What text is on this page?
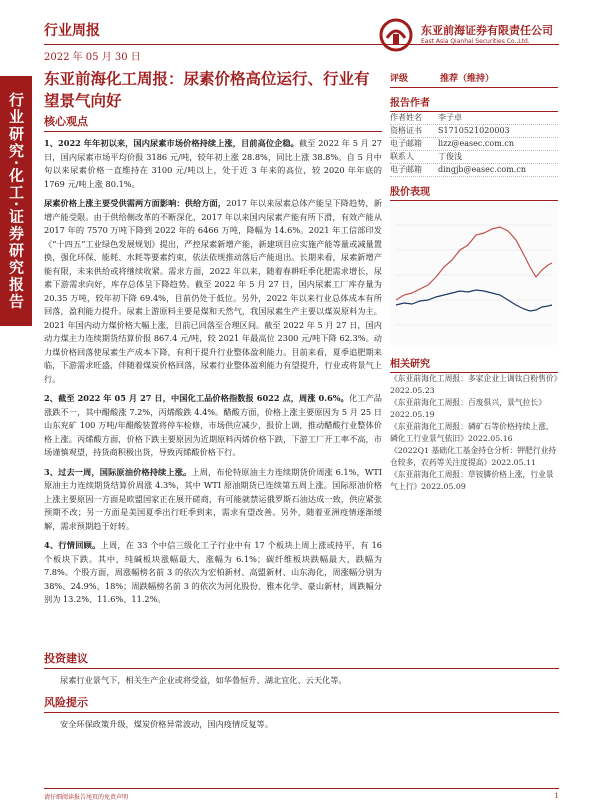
行业研究·化工·证券研究报告
行业周报
2022 年 05 月 30 日
东亚前海证券有限责任公司
East Asia Qianhai Securities Co.,Ltd.
东亚前海化工周报：尿素价格高位运行、行业有望景气向好
核心观点

1、2022 年年初以来，国内尿素市场价格持续上涨，目前高位企稳。截至 2022 年 5 月 27 日，国内尿素市场平均价报 3186 元/吨，较年初上涨 28.8%，同比上涨 38.8%。自 5 月中旬以来尿素价格一直维持在 3100 元/吨以上，处于近 3 年来的高位，较 2020 年年底的 1769 元/吨上涨 80.1%。

尿素价格上涨主要受供需两方面影响：供给方面，2017 年以来尿素总体产能呈下降趋势，新增产能受限。由于供给侧改革的不断深化，2017 年以来国内尿素产能有所下滑，有效产能从 2017 年的 7570 万吨下降到 2022 年的 6466 万吨，降幅为 14.6%。2021 年工信部印发《“十四五”工业绿色发展规划》提出，严控尿素新增产能，新建项目应实施产能等量或减量置换，强化环保、能耗、水耗等要素约束，依法依规推动落后产能退出。长期来看，尿素新增产能有限，未来供给或将继续收紧。需求方面，2022 年以来，随着春耕旺季化肥需求增长，尿素下游需求向好，库存总体呈下降趋势。截至 2022 年 5 月 27 日，国内尿素工厂库存量为 20.35 万吨，较年初下降 69.4%，目前仍处于低位。另外，2022 年以来行业总体成本有所回落，盈利能力提升。尿素上游原料主要是煤和天然气，我国尿素生产主要以煤炭原料为主。2021 年国内动力煤价格大幅上涨，目前已回落至合理区间。截至 2022 年 5 月 27 日，国内动力煤主力连续期货结算价报 867.4 元/吨，较 2021 年最高位 2300 元/吨下降 62.3%。动力煤价格回落使尿素生产成本下降，有利于提升行业整体盈利能力。目前来看，夏季追肥期来临，下游需求旺盛，伴随着煤炭价格回落，尿素行业整体盈利能力有望提升，行业或将景气上行。

2、截至 2022 年 05 月 27 日，中国化工品价格指数报 6022 点，周涨 0.6%。化工产品涨跌不一，其中醋酸涨 7.2%，丙烯酸跌 4.4%。醋酸方面，价格上涨主要原因为 5 月 25 日山东兖矿 100 万吨/年醋酸装置将停车检修，市场供应减少，报价上调，推动醋酸行业整体价格上涨。丙烯酸方面，价格下跌主要原因为近期原料丙烯价格下跌，下游工厂开工率不高，市场谨慎观望，持货商积极出货，导致丙烯酸价格下行。

3、过去一周，国际原油价格持续上涨。上周，布伦特原油主力连续期货价周涨 6.1%，WTI 原油主力连续期货结算价周涨 4.3%，其中 WTI 原油期货已连续第五周上涨。国际原油价格上涨主要原因一方面是欧盟国家正在展开磋商，有可能就禁运俄罗斯石油达成一致，供应紧张预期不改；另一方面是美国夏季出行旺季到来，需求有望改善。另外，随着亚洲疫情逐渐缓解，需求预期趋于好转。

4、行情回顾。上周，在 33 个中信三级化工子行业中有 17 个板块上周上涨或持平，有 16 个板块下跌。其中，纯碱板块涨幅最大，涨幅为 6.1%；碳纤维板块跌幅最大，跌幅为 7.8%。个股方面，周涨幅榜名前 3 的依次为宏柏新材、高盟新材、山东海化，周涨幅分别为 38%、24.9%、18%；周跌幅榜名前 3 的依次为河化股份、雅本化学、豪山新材，周跌幅分别为 13.2%、11.6%、11.2%。

投资建议

尿素行业景气下，相关生产企业或将受益，如华鲁恒升、湖北宜化、云天化等。

风险提示

安全环保政策升级，煤炭价格异常波动，国内疫情反复等。

评级	推荐（维持）
报告作者
作者姓名	李子卓
资格证书	S1710521020003
电子邮箱	lizz@easec.com.cn
联系人	丁俊浅
电子邮箱	dingjb@easec.com.cn
股价表现
相关研究
《东亚前海化工周报：多家企业上调钛白粉售价》2022.05.23
《东亚前海化工周报：百废俱兴，景气拉长》2022.05.19
《东亚前海化工周报：磷矿石等价格持续上涨，磷化工行业景气依旧》2022.05.16
《2022Q1 基础化工基金持仓分析：钾肥行业持仓较多，农药等关注度提高》2022.05.11
《东亚前海化工周报：草铵膦价格上涨，行业景气上行》2022.05.09
请仔细阅读报告尾页的免责声明	1
